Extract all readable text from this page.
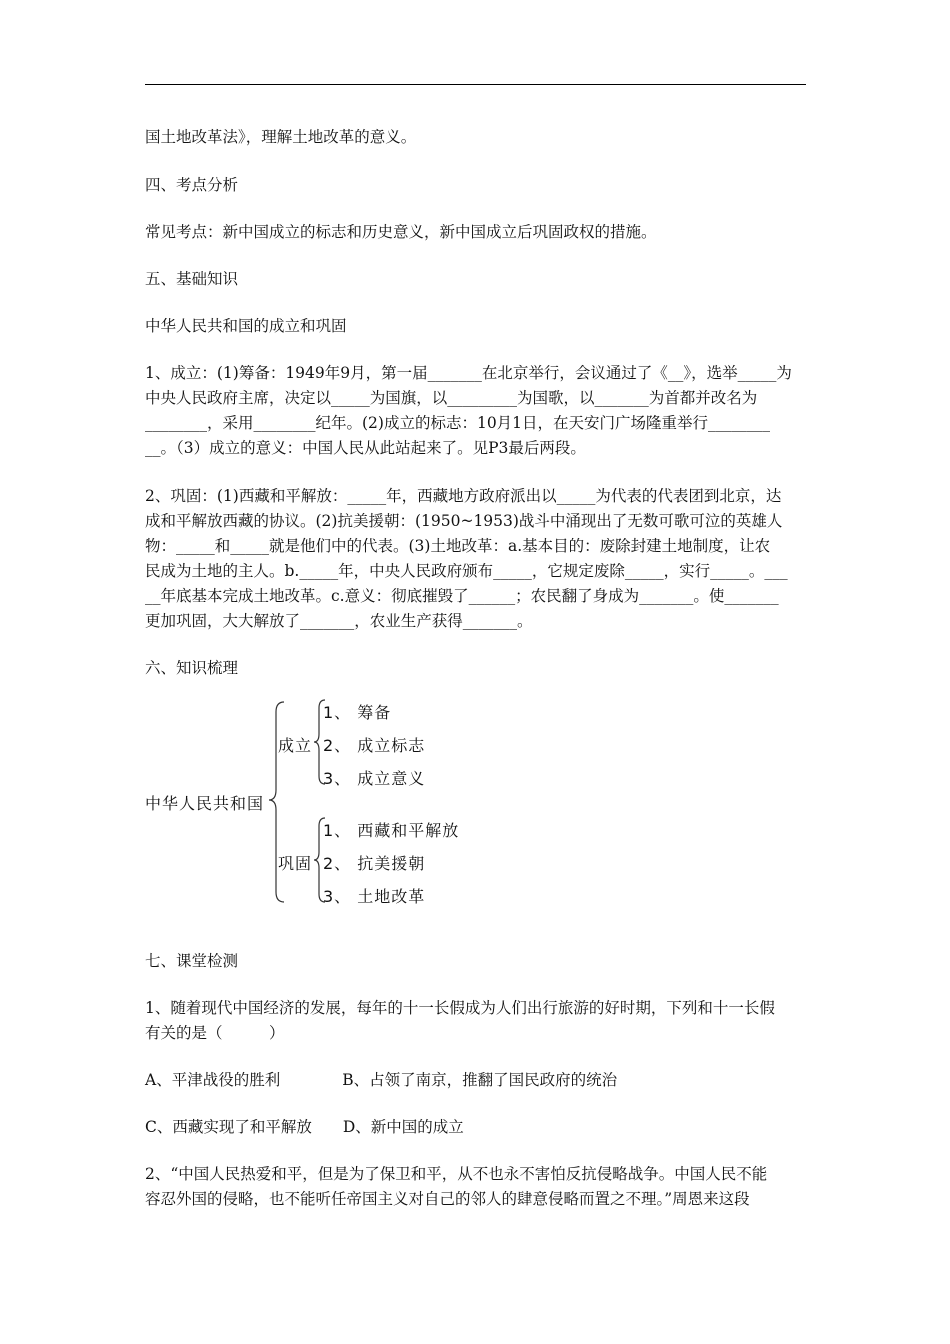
国土地改革法》，理解土地改革的意义。
四、考点分析
常见考点：新中国成立的标志和历史意义，新中国成立后巩固政权的措施。
五、基础知识
中华人民共和国的成立和巩固
1、成立：(1)筹备：1949年9月，第一届_______在北京举行，会议通过了《__》，选举_____为
中央人民政府主席，决定以_____为国旗，以_________为国歌，以_______为首都并改名为
________，采用________纪年。(2)成立的标志：10月1日，在天安门广场隆重举行________
__。（3）成立的意义：中国人民从此站起来了。见P3最后两段。
2、巩固：(1)西藏和平解放：_____年，西藏地方政府派出以_____为代表的代表团到北京，达
成和平解放西藏的协议。(2)抗美援朝：(1950~1953)战斗中涌现出了无数可歌可泣的英雄人
物：_____和_____就是他们中的代表。(3)土地改革：a.基本目的：废除封建土地制度，让农
民成为土地的主人。b._____年，中央人民政府颁布_____，它规定废除_____，实行_____。___
__年底基本完成土地改革。c.意义：彻底摧毁了______；农民翻了身成为_______。使_______
更加巩固，大大解放了_______，农业生产获得_______。
六、知识梳理
中华人民共和国
成立
1、 筹备
2、 成立标志
3、 成立意义
巩固
1、 西藏和平解放
2、 抗美援朝
3、 土地改革
七、课堂检测
1、随着现代中国经济的发展，每年的十一长假成为人们出行旅游的好时期，下列和十一长假
有关的是（　　　）
A、平津战役的胜利　　　　B、占领了南京，推翻了国民政府的统治
C、西藏实现了和平解放　　D、新中国的成立
2、“中国人民热爱和平，但是为了保卫和平，从不也永不害怕反抗侵略战争。中国人民不能
容忍外国的侵略，也不能听任帝国主义对自己的邻人的肆意侵略而置之不理。”周恩来这段
